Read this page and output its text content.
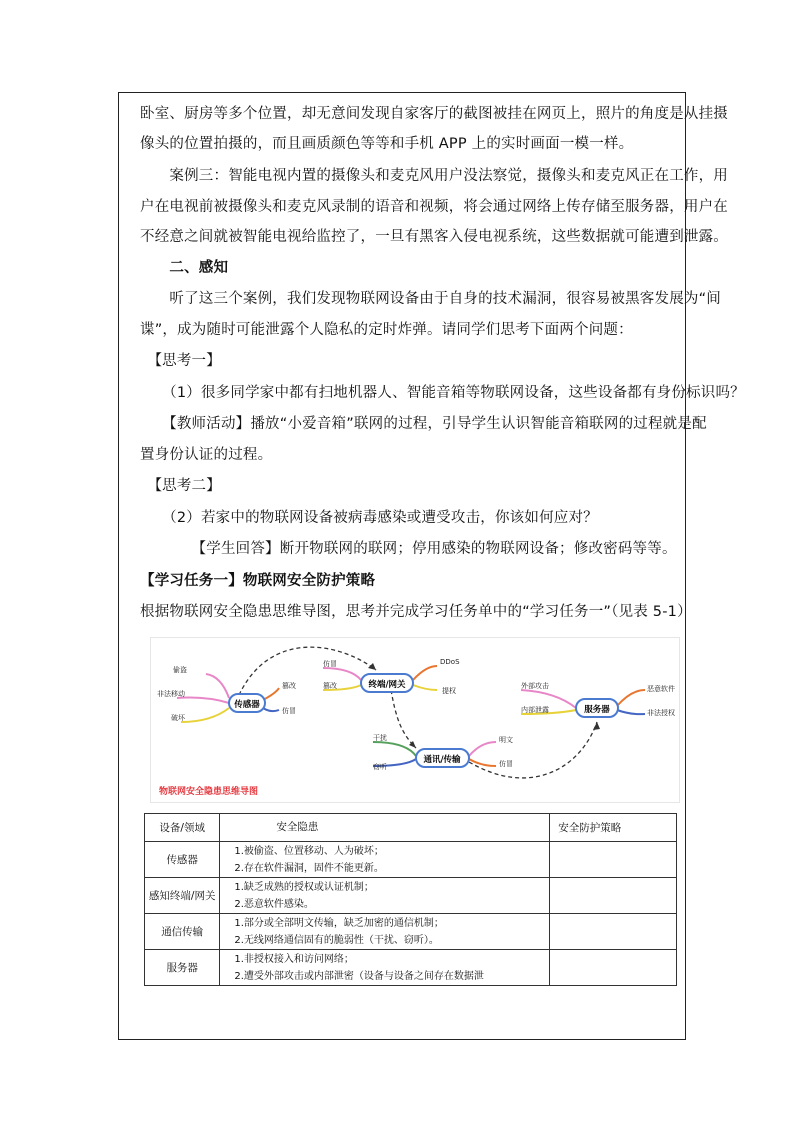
卧室、厨房等多个位置，却无意间发现自家客厅的截图被挂在网页上，照片的角度是从挂摄
像头的位置拍摄的，而且画质颜色等等和手机 APP 上的实时画面一模一样。
　　案例三：智能电视内置的摄像头和麦克风用户没法察觉，摄像头和麦克风正在工作，用
户在电视前被摄像头和麦克风录制的语音和视频，将会通过网络上传存储至服务器，用户在
不经意之间就被智能电视给监控了，一旦有黑客入侵电视系统，这些数据就可能遭到泄露。
　　二、感知
　　听了这三个案例，我们发现物联网设备由于自身的技术漏洞，很容易被黑客发展为“间
谍”，成为随时可能泄露个人隐私的定时炸弹。请同学们思考下面两个问题：
　【思考一】
　　（1）很多同学家中都有扫地机器人、智能音箱等物联网设备，这些设备都有身份标识吗？
　　【教师活动】播放“小爱音箱”联网的过程，引导学生认识智能音箱联网的过程就是配
置身份认证的过程。
　【思考二】
　　（2）若家中的物联网设备被病毒感染或遭受攻击，你该如何应对？
　　　　【学生回答】断开物联网的联网；停用感染的物联网设备；修改密码等等。
【学习任务一】物联网安全防护策略
根据物联网安全隐患思维导图，思考并完成学习任务单中的“学习任务一”（见表 5-1）
传感器
终端/网关
通讯/传输
服务器
偷盗
非法移动
破坏
篡改
仿冒
仿冒
篡改
DDoS
提权
干扰
窃听
明文
仿冒
外部攻击
内部泄露
恶意软件
非法授权
物联网安全隐患思维导图
设备/领域	安全隐患	安全防护策略
传感器	1.被偷盗、位置移动、人为破坏；
2.存在软件漏洞，固件不能更新。	

感知终端/网关	1.缺乏成熟的授权或认证机制；
2.恶意软件感染。	

通信传输	1.部分或全部明文传输，缺乏加密的通信机制；
2.无线网络通信固有的脆弱性（干扰、窃听）。	

服务器	1.非授权接入和访问网络；
2.遭受外部攻击或内部泄密（设备与设备之间存在数据泄	
